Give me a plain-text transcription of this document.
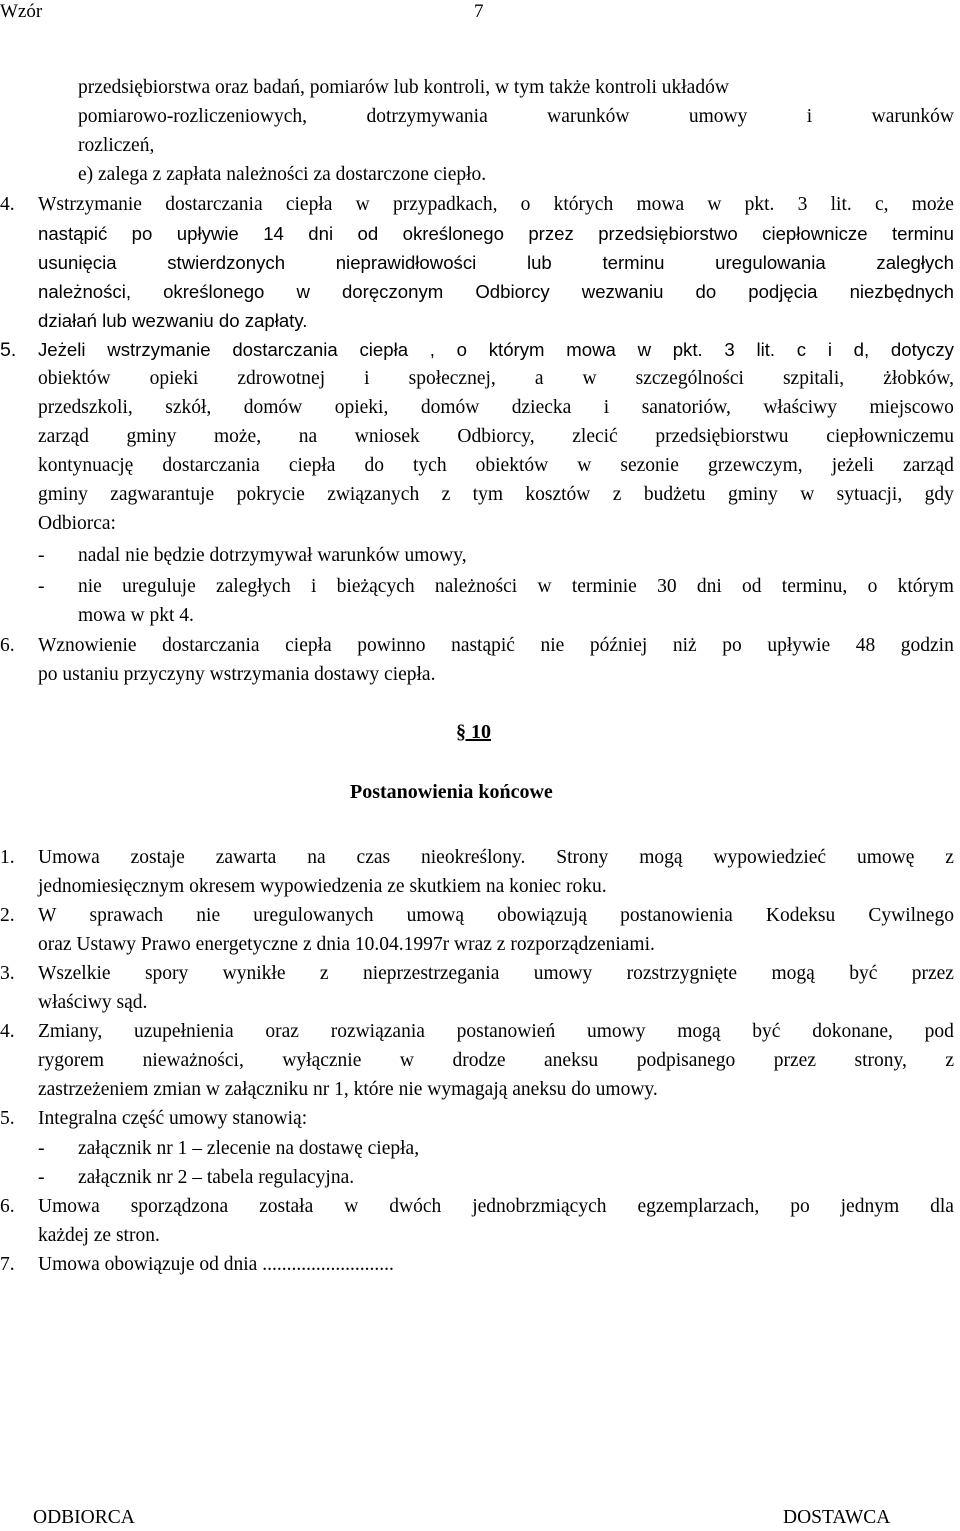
Wzór	7
przedsiębiorstwa oraz badań, pomiarów lub kontroli, w tym także kontroli układów
pomiarowo-rozliczeniowych,	dotrzymywania	warunków	umowy	i	warunków
rozliczeń,
e) zalega z zapłata należności za dostarczone ciepło.
4. Wstrzymanie dostarczania ciepła w przypadkach, o których mowa w pkt. 3 lit. c, może
nastąpić po upływie 14 dni od określonego przez przedsiębiorstwo ciepłownicze terminu
usunięcia	stwierdzonych	nieprawidłowości	lub	terminu	uregulowania	zaległych
należności, określonego w doręczonym Odbiorcy wezwaniu do podjęcia niezbędnych
działań lub wezwaniu do zapłaty.
5. Jeżeli wstrzymanie dostarczania ciepła , o którym mowa w pkt. 3 lit. c i d, dotyczy
obiektów opieki zdrowotnej i społecznej, a w szczególności szpitali, żłobków,
przedszkoli, szkół, domów opieki, domów dziecka i sanatoriów, właściwy miejscowo
zarząd gminy może, na wniosek Odbiorcy, zlecić przedsiębiorstwu ciepłowniczemu
kontynuację dostarczania ciepła do tych obiektów w sezonie grzewczym, jeżeli zarząd
gminy zagwarantuje pokrycie związanych z tym kosztów z budżetu gminy w sytuacji, gdy
Odbiorca:
- nadal nie będzie dotrzymywał warunków umowy,
- nie ureguluje zaległych i bieżących należności w terminie 30 dni od terminu, o którym
mowa w pkt 4.
6. Wznowienie dostarczania ciepła powinno nastąpić nie później niż po upływie 48 godzin
po ustaniu przyczyny wstrzymania dostawy ciepła.
§ 10
Postanowienia końcowe
1. Umowa zostaje zawarta na czas nieokreślony. Strony mogą wypowiedzieć umowę z
jednomiesięcznym okresem wypowiedzenia ze skutkiem na koniec roku.
2. W sprawach nie uregulowanych umową obowiązują postanowienia Kodeksu Cywilnego
oraz Ustawy Prawo energetyczne z dnia 10.04.1997r wraz z rozporządzeniami.
3. Wszelkie spory wynikłe z nieprzestrzegania umowy rozstrzygnięte mogą być przez
właściwy sąd.
4. Zmiany, uzupełnienia oraz rozwiązania postanowień umowy mogą być dokonane, pod
rygorem nieważności, wyłącznie w drodze aneksu podpisanego przez strony, z
zastrzeżeniem zmian w załączniku nr 1, które nie wymagają aneksu do umowy.
5. Integralna część umowy stanowią:
6. Umowa sporządzona została w dwóch jednobrzmiących egzemplarzach, po jednym dla
każdej ze stron.
7. Umowa obowiązuje od dnia ...........................
- załącznik nr 1 – zlecenie na dostawę ciepła,
- załącznik nr 2 – tabela regulacyjna.
ODBIORCA	DOSTAWCA
